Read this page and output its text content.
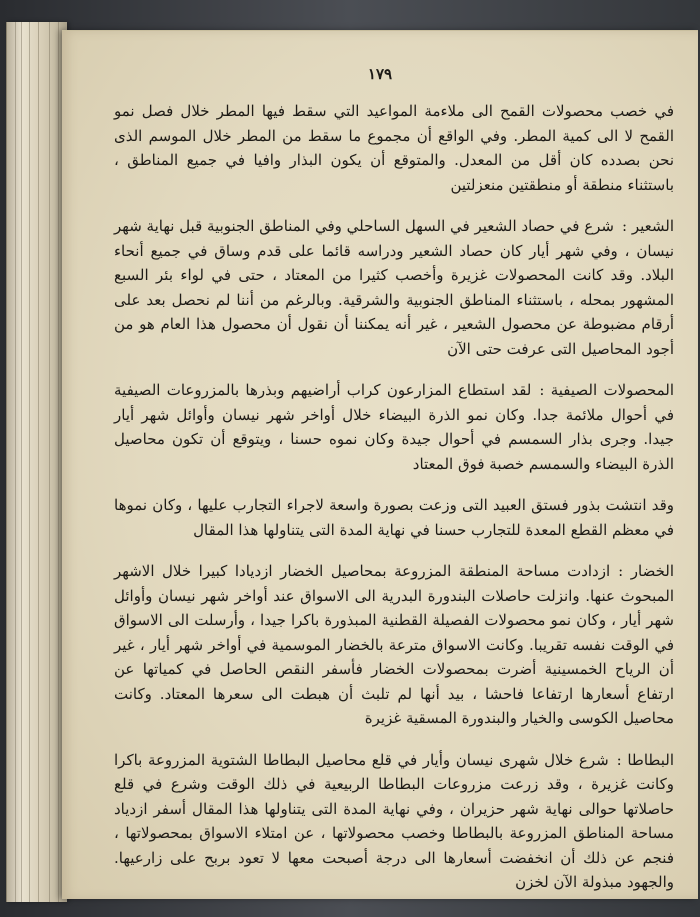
١٧٩

في خصب محصولات القمح الى ملاءمة المواعيد التي سقط فيها المطر خلال فصل نمو القمح لا الى كمية المطر. وفي الواقع أن مجموع ما سقط من المطر خلال الموسم الذى نحن بصدده كان أقل من المعدل. والمتوقع أن يكون البذار وافيا في جميع المناطق ، باستثناء منطقة أو منطقتين منعزلتين

الشعير :شرع في حصاد الشعير في السهل الساحلي وفي المناطق الجنوبية قبل نهاية شهر نيسان ، وفي شهر أيار كان حصاد الشعير ودراسه قائما على قدم وساق في جميع أنحاء البلاد. وقد كانت المحصولات غزيرة وأخصب كثيرا من المعتاد ، حتى في لواء بئر السبع المشهور بمحله ، باستثناء المناطق الجنوبية والشرقية. وبالرغم من أننا لم نحصل بعد على أرقام مضبوطة عن محصول الشعير ، غير أنه يمكننا أن نقول أن محصول هذا العام هو من أجود المحاصيل التى عرفت حتى الآن

المحصولات الصيفية :لقد استطاع المزارعون كراب أراضيهم وبذرها بالمزروعات الصيفية في أحوال ملائمة جدا. وكان نمو الذرة البيضاء خلال أواخر شهر نيسان وأوائل شهر أيار جيدا. وجرى بذار السمسم في أحوال جيدة وكان نموه حسنا ، ويتوقع أن تكون محاصيل الذرة البيضاء والسمسم خصبة فوق المعتاد

وقد انتشت بذور فستق العبيد التى وزعت بصورة واسعة لاجراء التجارب عليها ، وكان نموها في معظم القطع المعدة للتجارب حسنا في نهاية المدة التى يتناولها هذا المقال

الخضار :ازدادت مساحة المنطقة المزروعة بمحاصيل الخضار ازديادا كبيرا خلال الاشهر المبحوث عنها. وانزلت حاصلات البندورة البدرية الى الاسواق عند أواخر شهر نيسان وأوائل شهر أيار ، وكان نمو محصولات الفصيلة القطنية المبذورة باكرا جيدا ، وأرسلت الى الاسواق في الوقت نفسه تقريبا. وكانت الاسواق مترعة بالخضار الموسمية في أواخر شهر أيار ، غير أن الرياح الخمسينية أضرت بمحصولات الخضار فأسفر النقص الحاصل في كمياتها عن ارتفاع أسعارها ارتفاعا فاحشا ، بيد أنها لم تلبث أن هبطت الى سعرها المعتاد. وكانت محاصيل الكوسى والخيار والبندورة المسقية غزيرة

البطاطا :شرع خلال شهرى نيسان وأيار في قلع محاصيل البطاطا الشتوية المزروعة باكرا وكانت غزيرة ، وقد زرعت مزروعات البطاطا الربيعية في ذلك الوقت وشرع في قلع حاصلاتها حوالى نهاية شهر حزيران ، وفي نهاية المدة التى يتناولها هذا المقال أسفر ازدياد مساحة المناطق المزروعة بالبطاطا وخصب محصولاتها ، عن امتلاء الاسواق بمحصولاتها ، فنجم عن ذلك أن انخفضت أسعارها الى درجة أصبحت معها لا تعود بربح على زارعيها. والجهود مبذولة الآن لخزن
